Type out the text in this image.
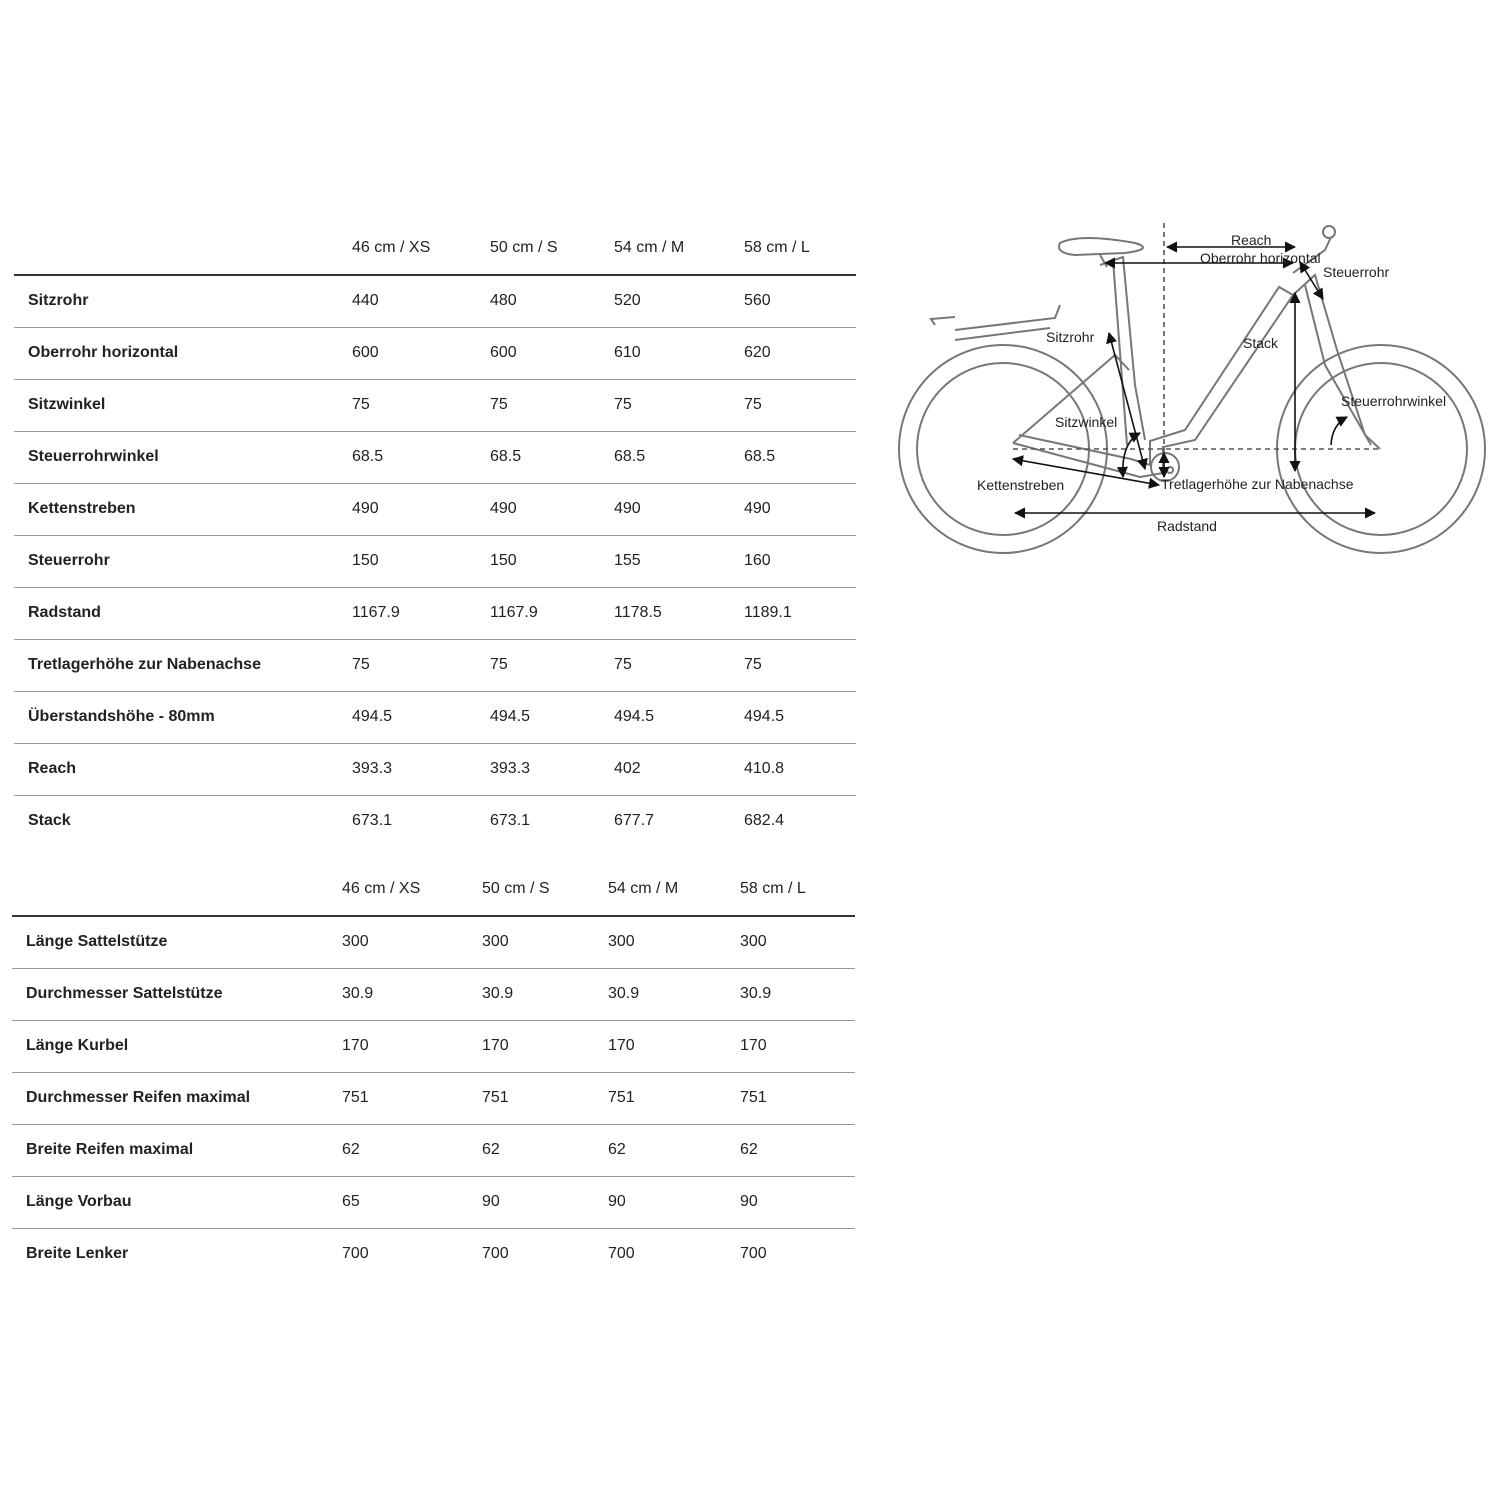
	46 cm / XS	50 cm / S	54 cm / M	58 cm / L
Sitzrohr	440	480	520	560
Oberrohr horizontal	600	600	610	620
Sitzwinkel	75	75	75	75
Steuerrohrwinkel	68.5	68.5	68.5	68.5
Kettenstreben	490	490	490	490
Steuerrohr	150	150	155	160
Radstand	1167.9	1167.9	1178.5	1189.1
Tretlagerhöhe zur Nabenachse	75	75	75	75
Überstandshöhe - 80mm	494.5	494.5	494.5	494.5
Reach	393.3	393.3	402	410.8
Stack	673.1	673.1	677.7	682.4
	46 cm / XS	50 cm / S	54 cm / M	58 cm / L
Länge Sattelstütze	300	300	300	300
Durchmesser Sattelstütze	30.9	30.9	30.9	30.9
Länge Kurbel	170	170	170	170
Durchmesser Reifen maximal	751	751	751	751
Breite Reifen maximal	62	62	62	62
Länge Vorbau	65	90	90	90
Breite Lenker	700	700	700	700
Reach
Oberrohr horizontal
Steuerrohr
Sitzrohr	Stack
Steuerrohrwinkel
Sitzwinkel
Kettenstreben	Tretlagerhöhe zur Nabenachse
Radstand
